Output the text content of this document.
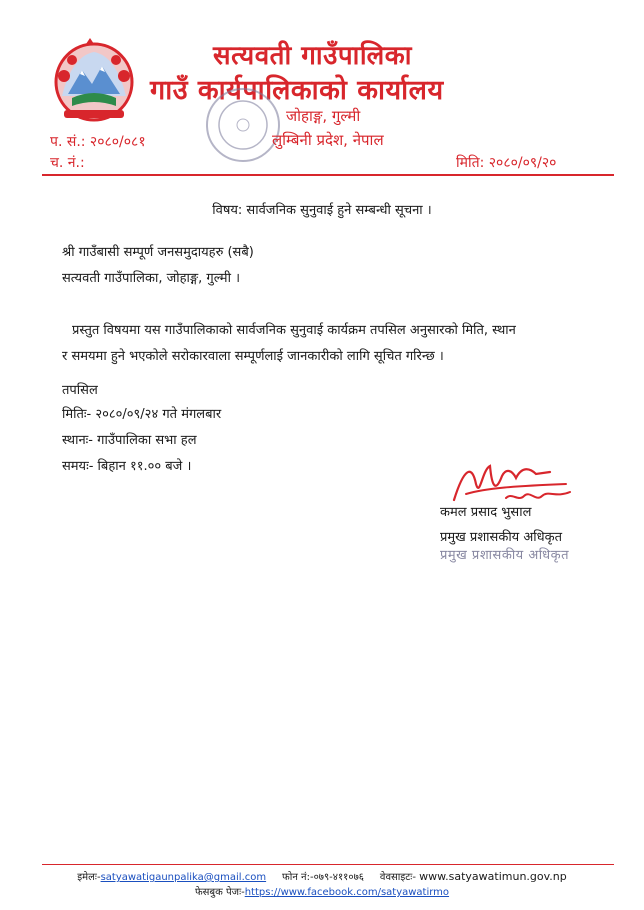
सत्यवती गाउँपालिका
गाउँ कार्यपालिकाको कार्यालय
जोहाङ्ग, गुल्मी
लुम्बिनी प्रदेश, नेपाल
प. सं.: २०८०/०८१
च. नं.:	मिति: २०८०/०९/२०
विषय: सार्वजनिक सुनुवाई हुने सम्बन्धी सूचना ।
श्री गाउँबासी सम्पूर्ण जनसमुदायहरु (सबै)
सत्यवती गाउँपालिका, जोहाङ्ग, गुल्मी ।
प्रस्तुत विषयमा यस गाउँपालिकाको सार्वजनिक सुनुवाई कार्यक्रम तपसिल अनुसारको मिति, स्थान
र समयमा हुने भएकोले सरोकारवाला सम्पूर्णलाई जानकारीको लागि सूचित गरिन्छ ।
तपसिल
मितिः- २०८०/०९/२४ गते मंगलबार
स्थानः- गाउँपालिका सभा हल
समयः- बिहान ११.०० बजे ।
कमल प्रसाद भुसाल
प्रमुख प्रशासकीय अधिकृत
प्रमुख प्रशासकीय अधिकृत
इमेलः-satyawatigaunpalika@gmail.com फोन नं:-०७९-४११०७६ वेवसाइटः- www.satyawatimun.gov.np
फेसबुक पेजः-https://www.facebook.com/satyawatirmo
